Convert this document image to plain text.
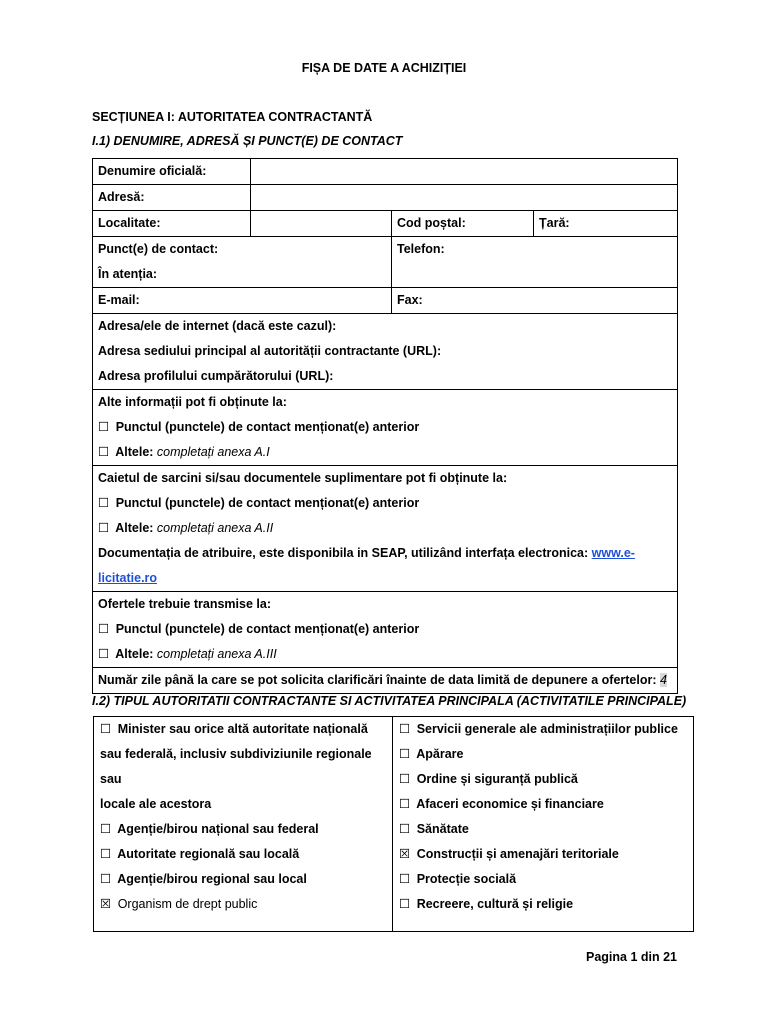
FIȘA DE DATE A ACHIZIȚIEI
SECȚIUNEA I: AUTORITATEA CONTRACTANTĂ
I.1) DENUMIRE, ADRESĂ ȘI PUNCT(E) DE CONTACT
Denumire oficială:			
Adresă:			
Localitate:		Cod poștal:	Țară:

Punct(e) de contact:
În atenția:		Telefon:	
E-mail:		Fax:	

Adresa/ele de internet (dacă este cazul):
Adresa sediului principal al autorității contractante (URL):
Adresa profilului cumpărătorului (URL):			

Alte informații pot fi obținute la:
☐ Punctul (punctele) de contact menționat(e) anterior
☐ Altele: completați anexa A.I			

Caietul de sarcini si/sau documentele suplimentare pot fi obținute la:
☐ Punctul (punctele) de contact menționat(e) anterior
☐ Altele: completați anexa A.II
Documentația de atribuire, este disponibila in SEAP, utilizând interfața electronica: www.e-
licitatie.ro			

Ofertele trebuie transmise la:
☐ Punctul (punctele) de contact menționat(e) anterior
☐ Altele: completați anexa A.III			

Număr zile până la care se pot solicita clarificări înainte de data limită de depunere a ofertelor: 4			
I.2) TIPUL AUTORITATII CONTRACTANTE SI ACTIVITATEA PRINCIPALA (ACTIVITATILE PRINCIPALE)
☐ Minister sau orice altă autoritate națională
sau federală, inclusiv subdiviziunile regionale sau
locale ale acestora
☐ Agenție/birou național sau federal
☐ Autoritate regională sau locală
☐ Agenție/birou regional sau local
☒ Organism de drept public

☐ Servicii generale ale administrațiilor publice
☐ Apărare
☐ Ordine și siguranță publică
☐ Afaceri economice și financiare
☐ Sănătate
☒ Construcții și amenajări teritoriale
☐ Protecție socială
☐ Recreere, cultură și religie
Pagina 1 din 21
